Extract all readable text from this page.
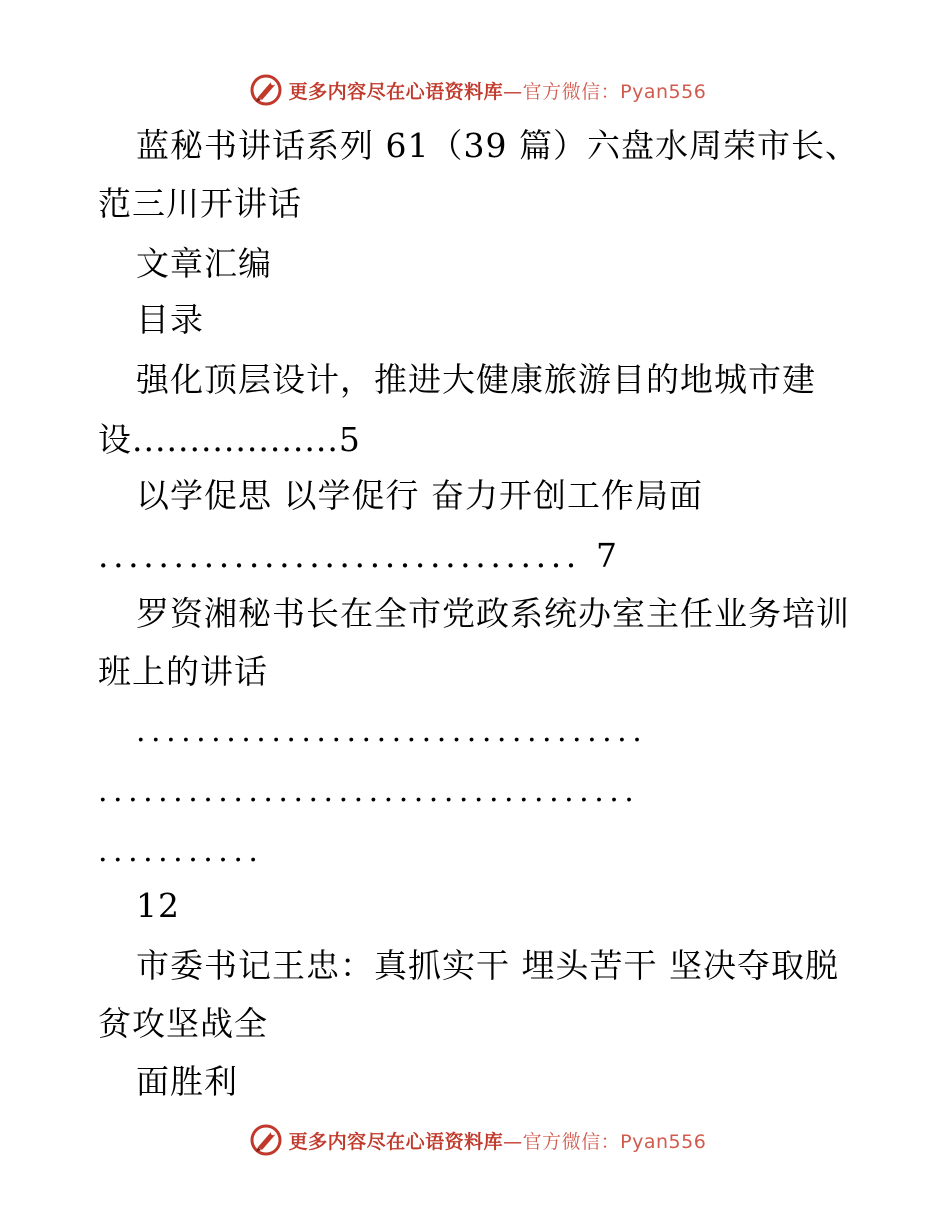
更多内容尽在心语资料库—官方微信：Pyan556
蓝秘书讲话系列 61（39 篇）六盘水周荣市长、
范三川开讲话
文章汇编
目录
强化顶层设计，推进大健康旅游目的地城市建
设..................5
以学促思 以学促行 奋力开创工作局面
................................ 7
罗资湘秘书长在全市党政系统办室主任业务培训
班上的讲话
..................................
....................................
...........
12
市委书记王忠：真抓实干 埋头苦干 坚决夺取脱
贫攻坚战全
面胜利
更多内容尽在心语资料库—官方微信：Pyan556
